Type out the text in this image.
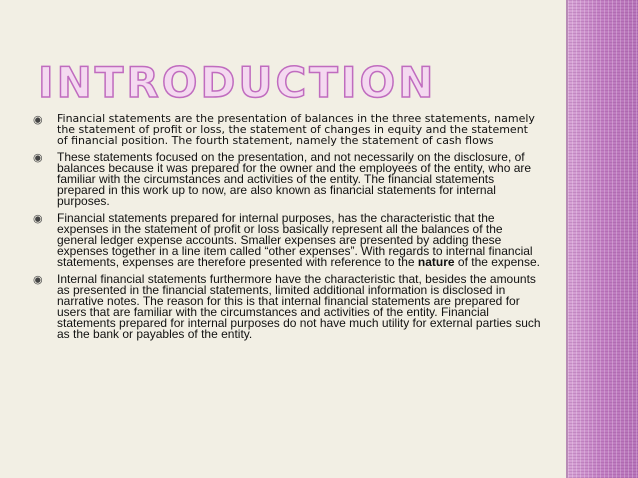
INTRODUCTION
◉ Financial statements are the presentation of balances in the three statements, namely the statement of profit or loss, the statement of changes in equity and the statement of financial position. The fourth statement, namely the statement of cash flows
◉ These statements focused on the presentation, and not necessarily on the disclosure, of balances because it was prepared for the owner and the employees of the entity, who are familiar with the circumstances and activities of the entity. The financial statements prepared in this work up to now, are also known as financial statements for internal purposes.
◉ Financial statements prepared for internal purposes, has the characteristic that the expenses in the statement of profit or loss basically represent all the balances of the general ledger expense accounts. Smaller expenses are presented by adding these expenses together in a line item called “other expenses”. With regards to internal financial statements, expenses are therefore presented with reference to the nature of the expense.
◉ Internal financial statements furthermore have the characteristic that, besides the amounts as presented in the financial statements, limited additional information is disclosed in narrative notes. The reason for this is that internal financial statements are prepared for users that are familiar with the circumstances and activities of the entity. Financial statements prepared for internal purposes do not have much utility for external parties such as the bank or payables of the entity.
